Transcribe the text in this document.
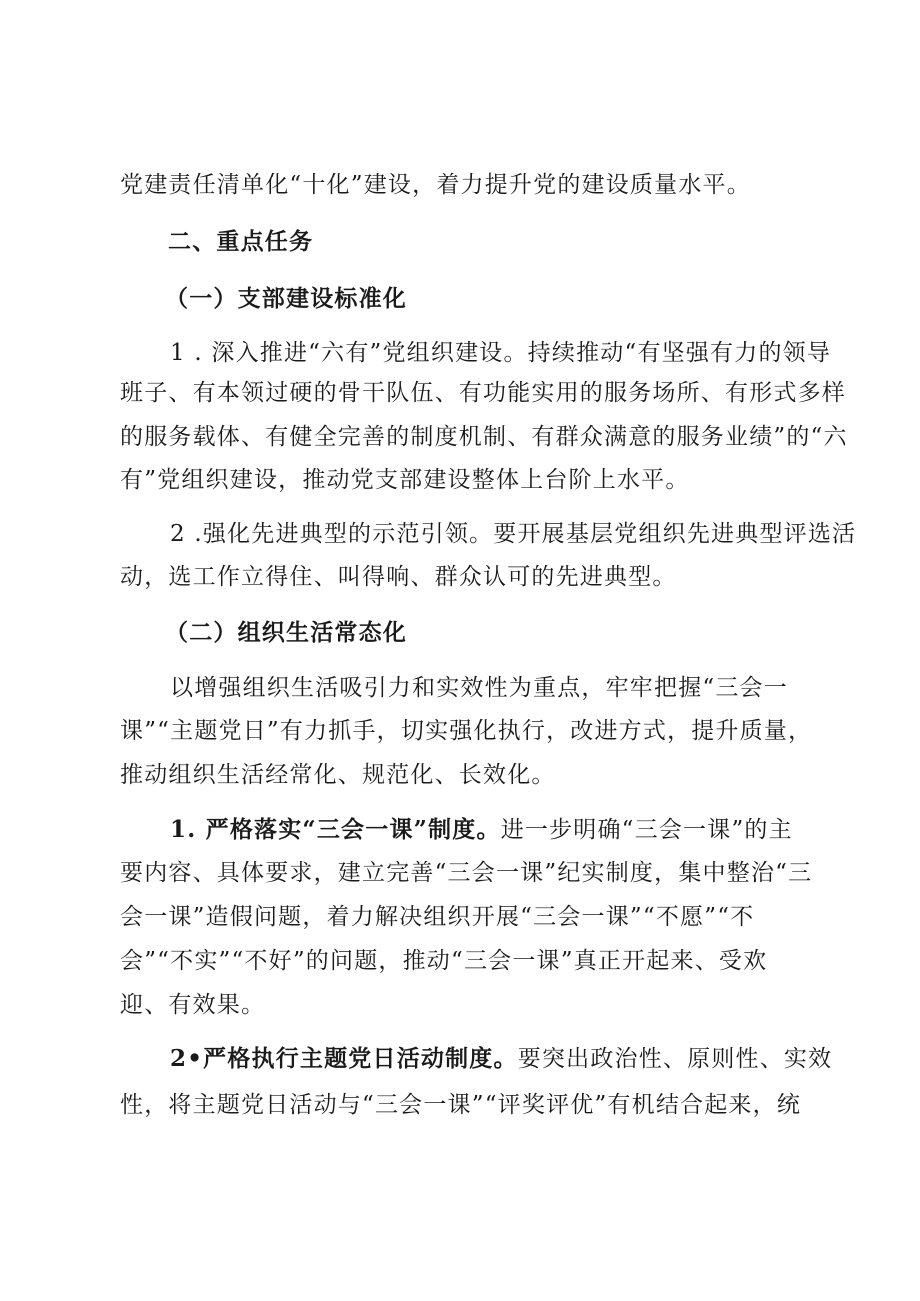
党建责任清单化“十化”建设，着力提升党的建设质量水平。
二、重点任务
（一）支部建设标准化
1 . 深入推进“六有”党组织建设。持续推动“有坚强有力的领导
班子、有本领过硬的骨干队伍、有功能实用的服务场所、有形式多样
的服务载体、有健全完善的制度机制、有群众满意的服务业绩”的“六
有”党组织建设，推动党支部建设整体上台阶上水平。
2 .强化先进典型的示范引领。要开展基层党组织先进典型评选活
动，选工作立得住、叫得响、群众认可的先进典型。
（二）组织生活常态化
以增强组织生活吸引力和实效性为重点，牢牢把握“三会一
课”“主题党日”有力抓手，切实强化执行，改进方式，提升质量，
推动组织生活经常化、规范化、长效化。
1. 严格落实“三会一课”制度。进一步明确“三会一课”的主
要内容、具体要求，建立完善“三会一课”纪实制度，集中整治“三
会一课”造假问题，着力解决组织开展“三会一课”“不愿”“不
会”“不实”“不好”的问题，推动“三会一课”真正开起来、受欢
迎、有效果。
2•严格执行主题党日活动制度。要突出政治性、原则性、实效
性，将主题党日活动与“三会一课”“评奖评优”有机结合起来，统
